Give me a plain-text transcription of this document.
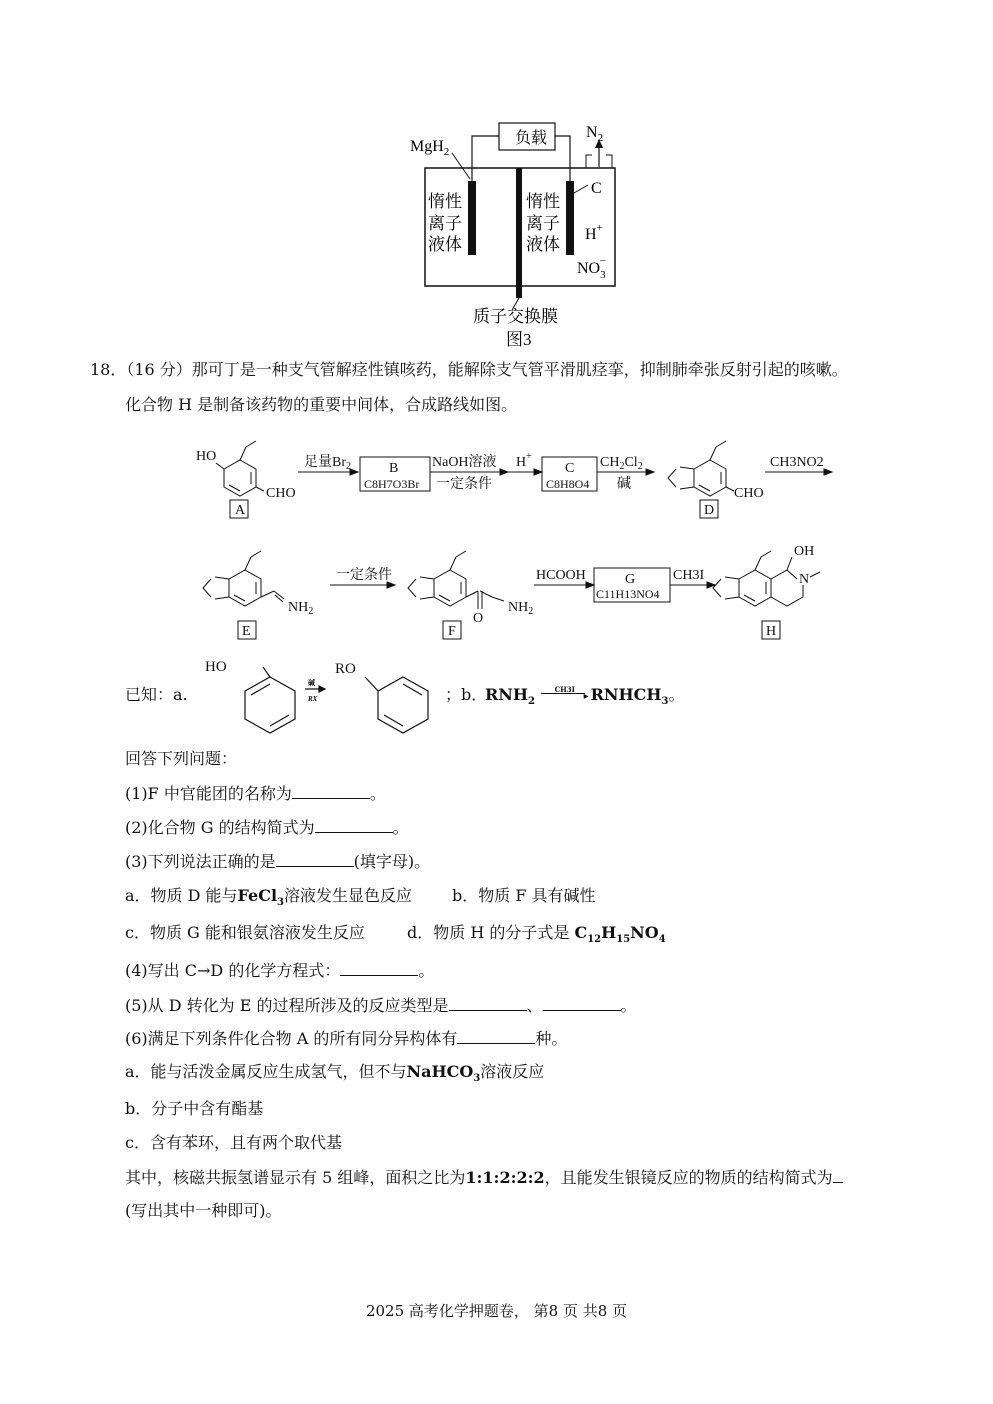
MgH$_2$
负载 $N_2$
C
H+
$NO_3-$
惰性
离子
液体
惰性
离子
液体
质子交换膜
图3
18．（16 分）那可丁是一种支气管解痉性镇咳药，能解除支气管平滑肌痉挛，抑制肺牵张反射引起的咳嗽。
化合物 H 是制备该药物的重要中间体，合成路线如图。
HO
CHO	CHO
足量$Br_2$	B
C8H7O3Br
NaOH溶液
一定条件
H+
C
C8H8O4
$CH_2Cl_2$
碱
CH3NO2
A	D
$NH_2$
一定条件
O
$NH_2$
HCOOH	G
C11H13NO4
CH3I
OH
N
E	F	H
已知：a.
HO	RO
碱
RX	；b．
$RNH_2$
CH3I
▸ $RNHCH_3$。
回答下列问题：
(1)F 中官能团的名称为	。
(2)化合物 G 的结构简式为	。
(3)下列说法正确的是	(填字母)。
a．物质 D 能与FeCl$_3$溶液发生显色反应 b．物质 F 具有碱性
c．物质 G 能和银氨溶液发生反应	d．物质 H 的分子式是 $C_{12}H_{15}NO_4$
(4)写出 C→D 的化学方程式：	。
(5)从 D 转化为 E 的过程所涉及的反应类型是	、	。
(6)满足下列条件化合物 A 的所有同分异构体有	种。
a．能与活泼金属反应生成氢气，但不与NaHCO$_3$溶液反应
b．分子中含有酯基
c．含有苯环，且有两个取代基
其中，核磁共振氢谱显示有 5 组峰，面积之比为1:1:2:2:2，且能发生银镜反应的物质的结构简式为
(写出其中一种即可)。
2025 高考化学押题卷， 第8 页 共8 页
